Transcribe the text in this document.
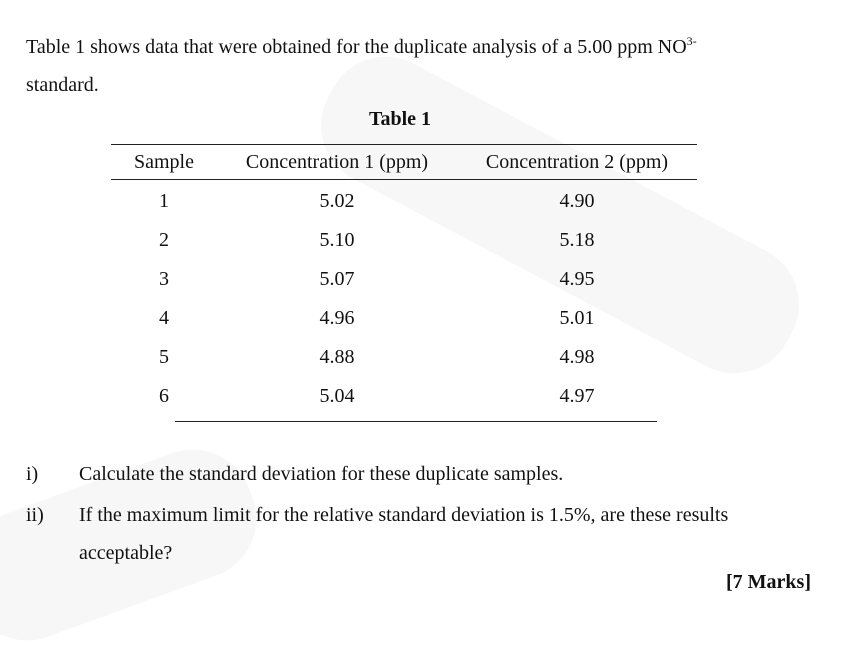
Table 1 shows data that were obtained for the duplicate analysis of a 5.00 ppm $NO^{3-}$
standard.
Table 1
Sample	Concentration 1 (ppm)	Concentration 2 (ppm)
1	5.02	4.90
2	5.10	5.18
3	5.07	4.95
4	4.96	5.01
5	4.88	4.98
6	5.04	4.97
i)	Calculate the standard deviation for these duplicate samples.
ii)	If the maximum limit for the relative standard deviation is 1.5%, are these results acceptable?
[7 Marks]
